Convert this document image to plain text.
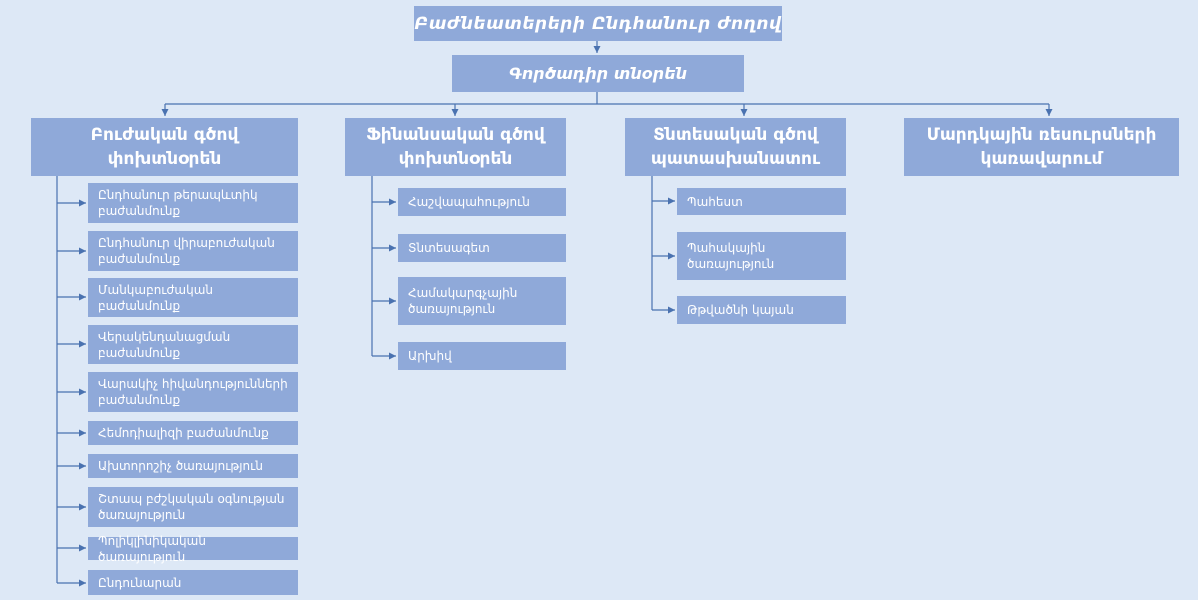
Բաժնեատերերի Ընդհանուր ժողով
Գործադիր տնօրեն
Բուժական գծով փոխտնօրեն
Ֆինանսական գծով փոխտնօրեն
Տնտեսական գծով պատասխանատու
Մարդկային ռեսուրսների կառավարում
Ընդհանուր թերապևտիկ բաժանմունք
Ընդհանուր վիրաբուժական բաժանմունք
Մանկաբուժական բաժանմունք
Վերակենդանացման բաժանմունք
Վարակիչ հիվանդությունների բաժանմունք
Հեմոդիալիզի բաժանմունք
Ախտորոշիչ ծառայություն
Շտապ բժշկական օգնության ծառայություն
Պոլիկլինիկական ծառայություն
Ընդունարան
Հաշվապահություն
Տնտեսագետ
Համակարգչային ծառայություն
Արխիվ
Պահեստ
Պահակային ծառայություն
Թթվածնի կայան
